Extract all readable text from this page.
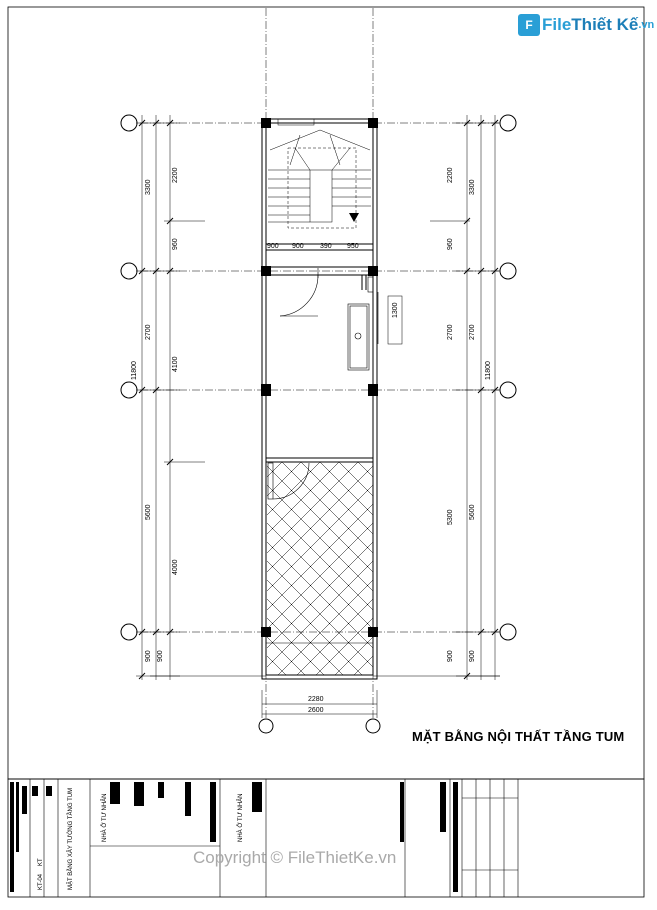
3300
11800
2700
5600
900
2200
960
4100
4000
900
3300
11800
2700
5600
900
2200
960
2700
5300
900
900 900 390 950
1300
2280
2600
MẶT BẰNG XÂY TƯỜNG TẦNG TUM
KT
KT-04
NHÀ Ở TƯ NHÂN	NHÀ Ở TƯ NHÂN
F File Thiết Kế .vn
MẶT BẰNG NỘI THẤT TẦNG TUM
Copyright © FileThietKe.vn
